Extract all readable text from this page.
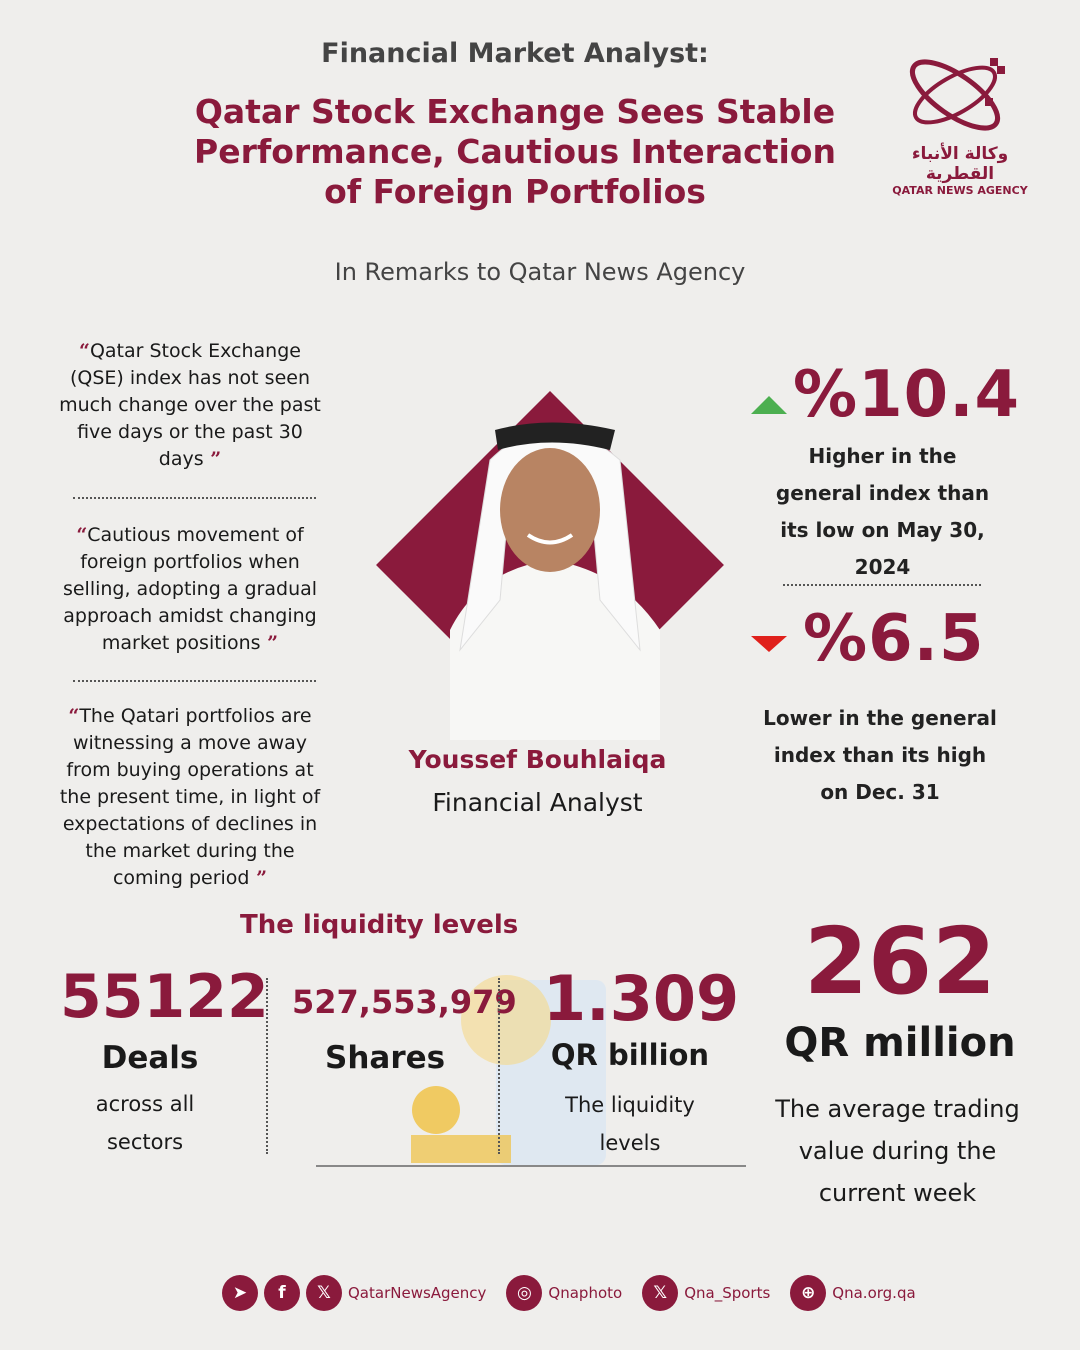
Financial Market Analyst:
Qatar Stock Exchange Sees Stable Performance, Cautious Interaction of Foreign Portfolios
In Remarks to Qatar News Agency
وكالة الأنباء القطرية
QATAR NEWS AGENCY
“Qatar Stock Exchange (QSE) index has not seen much change over the past five days or the past 30 days ”
“Cautious movement of foreign portfolios when selling, adopting a gradual approach amidst changing market positions ”
“The Qatari portfolios are witnessing a move away from buying operations at the present time, in light of expectations of declines in the market during the coming period ”
Youssef Bouhlaiqa
Financial Analyst
%10.4
Higher in the general index than its low on May 30, 2024
%6.5
Lower in the general index than its high on Dec. 31
The liquidity levels
55122
Deals
across all sectors
527,553,979
Shares
1.309
QR billion
The liquidity levels
262
QR million
The average trading value during the current week
➤	f	𝕏	QatarNewsAgency	◎	Qnaphoto	𝕏	Qna_Sports	⊕	Qna.org.qa
